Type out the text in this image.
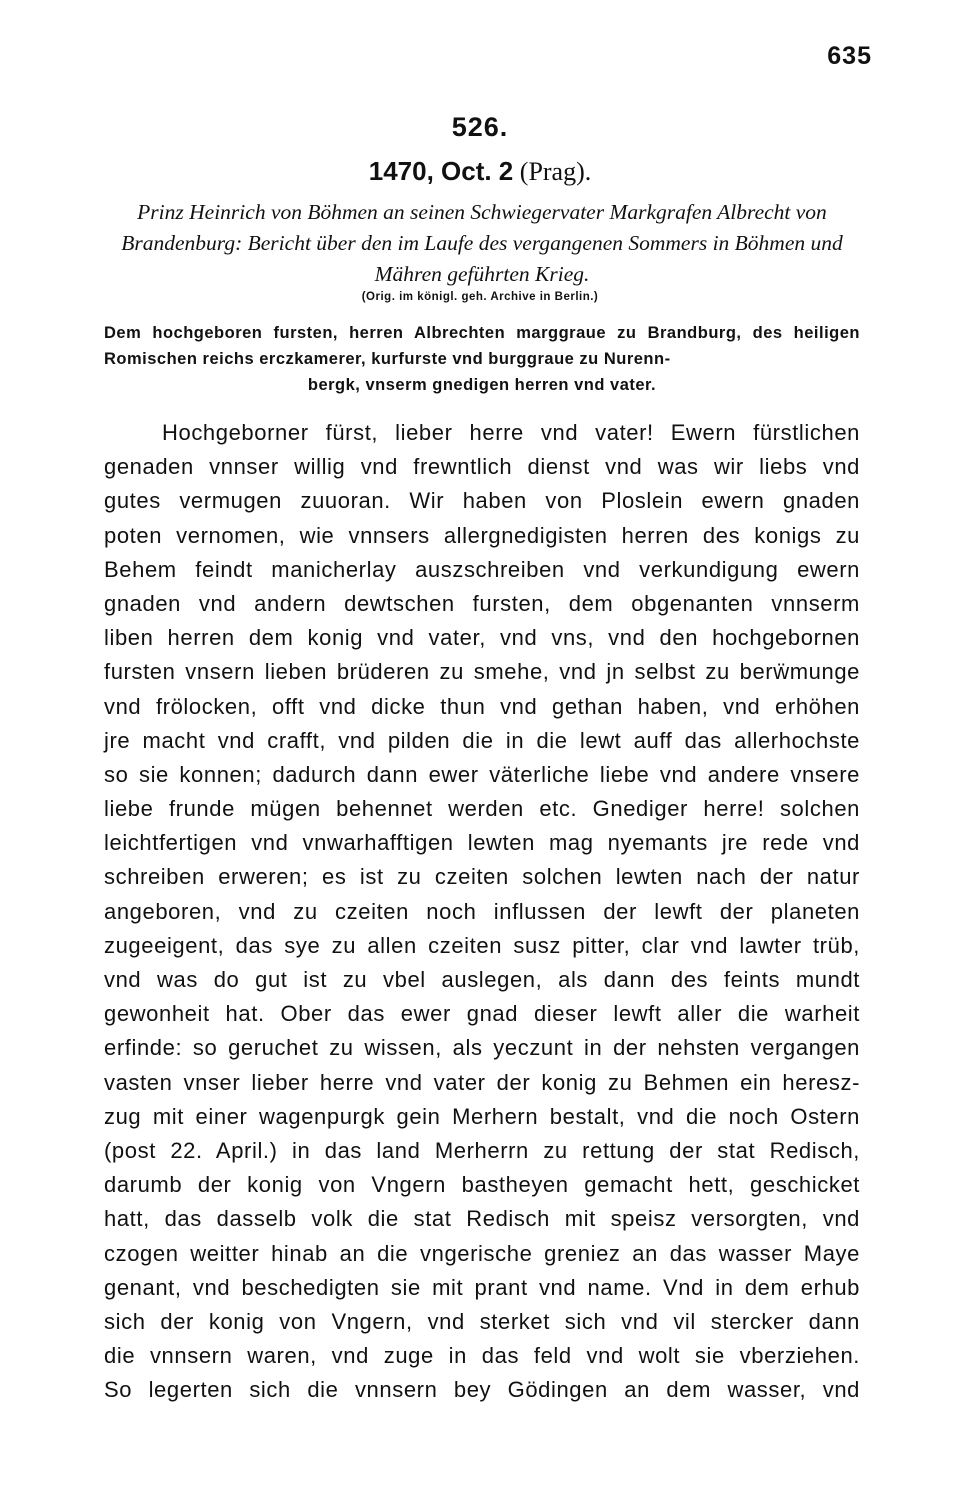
635
526.
1470, Oct. 2 (Prag).
Prinz Heinrich von Böhmen an seinen Schwiegervater Markgrafen Albrecht von Brandenburg: Bericht über den im Laufe des vergangenen Sommers in Böhmen und Mähren geführten Krieg.
(Orig. im königl. geh. Archive in Berlin.)
Dem hochgeboren fursten, herren Albrechten marggraue zu Brandburg, des heiligen Romischen reichs erczkamerer, kurfurste vnd burggraue zu Nurenn-
bergk, vnserm gnedigen herren vnd vater.
Hochgeborner fürst, lieber herre vnd vater! Ewern fürstlichen
genaden vnnser willig vnd frewntlich dienst vnd was wir liebs vnd
gutes vermugen zuuoran. Wir haben von Ploslein ewern gnaden
poten vernomen, wie vnnsers allergnedigisten herren des konigs zu
Behem feindt manicherlay auszschreiben vnd verkundigung ewern
gnaden vnd andern dewtschen fursten, dem obgenanten vnnserm
liben herren dem konig vnd vater, vnd vns, vnd den hochgebornen
fursten vnsern lieben brüderen zu smehe, vnd jn selbst zu berẅmunge
vnd frölocken, offt vnd dicke thun vnd gethan haben, vnd erhöhen
jre macht vnd crafft, vnd pilden die in die lewt auff das allerhochste
so sie konnen; dadurch dann ewer väterliche liebe vnd andere vnsere
liebe frunde mügen behennet werden etc. Gnediger herre! solchen
leichtfertigen vnd vnwarhafftigen lewten mag nyemants jre rede vnd
schreiben erweren; es ist zu czeiten solchen lewten nach der natur
angeboren, vnd zu czeiten noch influssen der lewft der planeten
zugeeigent, das sye zu allen czeiten susz pitter, clar vnd lawter trüb,
vnd was do gut ist zu vbel auslegen, als dann des feints mundt
gewonheit hat. Ober das ewer gnad dieser lewft aller die warheit
erfinde: so geruchet zu wissen, als yeczunt in der nehsten vergangen
vasten vnser lieber herre vnd vater der konig zu Behmen ein heresz-
zug mit einer wagenpurgk gein Merhern bestalt, vnd die noch Ostern
(post 22. April.) in das land Merherrn zu rettung der stat Redisch,
darumb der konig von Vngern bastheyen gemacht hett, geschicket
hatt, das dasselb volk die stat Redisch mit speisz versorgten, vnd
czogen weitter hinab an die vngerische greniez an das wasser Maye
genant, vnd beschedigten sie mit prant vnd name. Vnd in dem erhub
sich der konig von Vngern, vnd sterket sich vnd vil stercker dann
die vnnsern waren, vnd zuge in das feld vnd wolt sie vberziehen.
So legerten sich die vnnsern bey Gödingen an dem wasser, vnd
